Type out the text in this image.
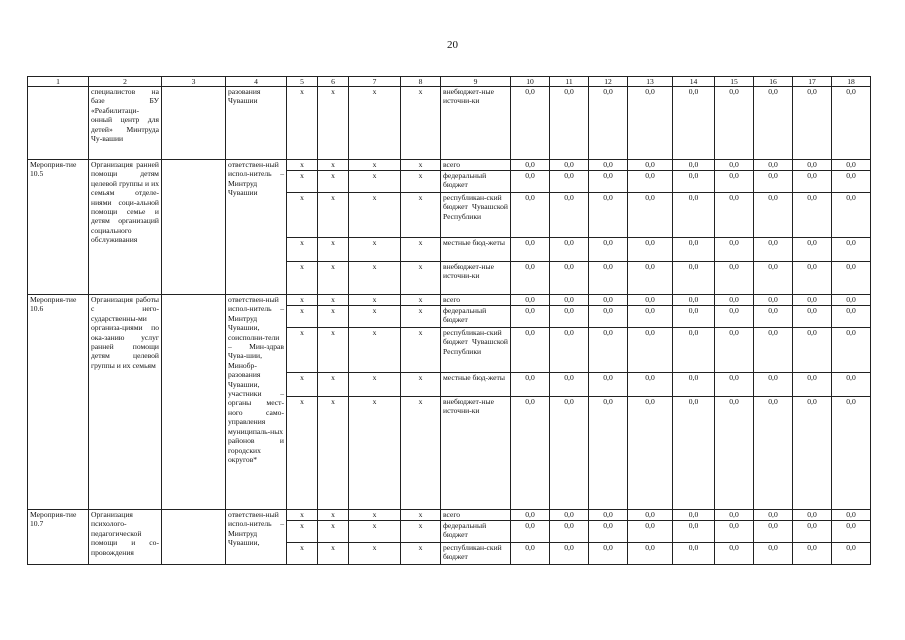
20
1	2	3	4	5	6	7	8	9	10	11	12	13	14	15	16	17	18
	специалистов на базе БУ «Реабилитаци-онный центр для детей» Минтруда Чу-вашии		разования Чувашии	x	x	x	x	внебюджет-ные источни-ки	0,0	0,0	0,0	0,0	0,0	0,0	0,0	0,0	0,0
Мероприя-тие 10.5	Организация ранней помощи детям целевой группы и их семьям отделе-ниями соци-альной помощи семье и детям организаций социального обслуживания		ответствен-ный испол-нитель – Минтруд Чувашии	x	x	x	x	всего	0,0	0,0	0,0	0,0	0,0	0,0	0,0	0,0	0,0
				x	x	x	x	федеральный бюджет	0,0	0,0	0,0	0,0	0,0	0,0	0,0	0,0	0,0
				x	x	x	x	республикан-ский бюджет Чувашской Республики	0,0	0,0	0,0	0,0	0,0	0,0	0,0	0,0	0,0
				x	x	x	x	местные бюд-жеты	0,0	0,0	0,0	0,0	0,0	0,0	0,0	0,0	0,0
				x	x	x	x	внебюджет-ные источни-ки	0,0	0,0	0,0	0,0	0,0	0,0	0,0	0,0	0,0
Мероприя-тие 10.6	Организация работы с него-сударственны-ми организа-циями по ока-занию услуг ранней помощи детям целевой группы и их семьям		ответствен-ный испол-нитель – Минтруд Чувашии, соисполни-тели – Мин-здрав Чува-шии, Минобр-разования Чувашии, участники – органы мест-ного само-управления муниципаль-ных районов и городских округов*	x	x	x	x	всего	0,0	0,0	0,0	0,0	0,0	0,0	0,0	0,0	0,0
				x	x	x	x	федеральный бюджет	0,0	0,0	0,0	0,0	0,0	0,0	0,0	0,0	0,0
				x	x	x	x	республикан-ский бюджет Чувашской Республики	0,0	0,0	0,0	0,0	0,0	0,0	0,0	0,0	0,0
				x	x	x	x	местные бюд-жеты	0,0	0,0	0,0	0,0	0,0	0,0	0,0	0,0	0,0
				x	x	x	x	внебюджет-ные источни-ки	0,0	0,0	0,0	0,0	0,0	0,0	0,0	0,0	0,0
Мероприя-тие 10.7	Организация психолого-педагогической помощи и со-провождения		ответствен-ный испол-нитель – Минтруд Чувашии,	x	x	x	x	всего	0,0	0,0	0,0	0,0	0,0	0,0	0,0	0,0	0,0
				x	x	x	x	федеральный бюджет	0,0	0,0	0,0	0,0	0,0	0,0	0,0	0,0	0,0
				x	x	x	x	республикан-ский бюджет	0,0	0,0	0,0	0,0	0,0	0,0	0,0	0,0	0,0
